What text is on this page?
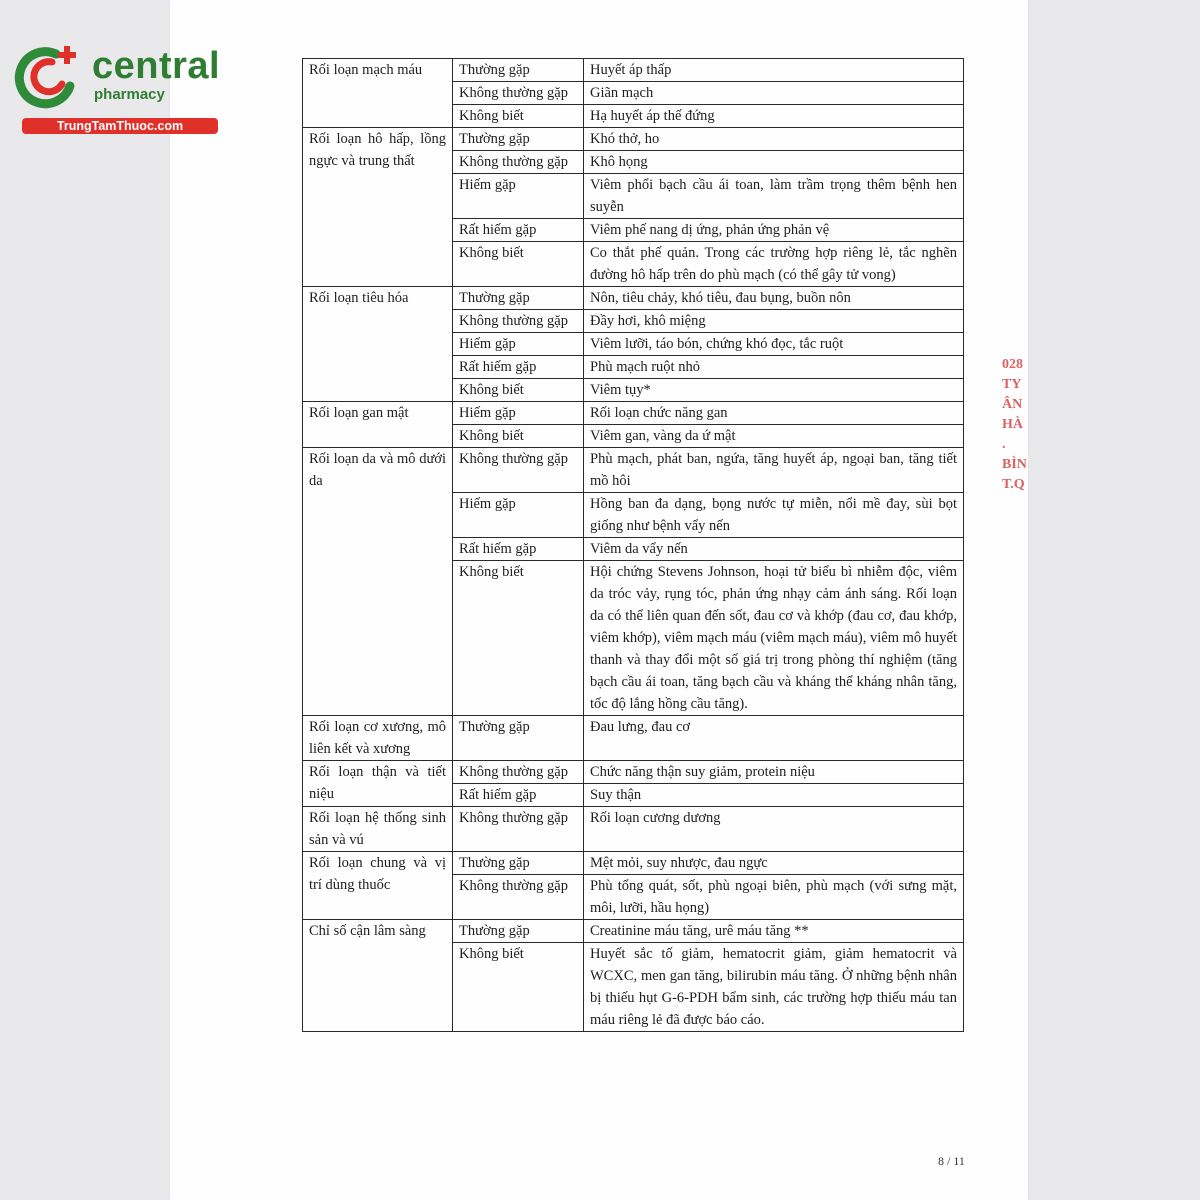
central
pharmacy
TrungTamThuoc.com
028
TY
ÂN
HÀ
. BÌN
T.Q
Rối loạn mạch máu	Thường gặp	Huyết áp thấp
	Không thường gặp	Giãn mạch
	Không biết	Hạ huyết áp thế đứng
Rối loạn hô hấp, lồng ngực và trung thất	Thường gặp	Khó thở, ho
	Không thường gặp	Khô họng
	Hiếm gặp	Viêm phổi bạch cầu ái toan, làm trầm trọng thêm bệnh hen suyễn
	Rất hiếm gặp	Viêm phế nang dị ứng, phản ứng phản vệ
	Không biết	Co thắt phế quản. Trong các trường hợp riêng lẻ, tắc nghẽn đường hô hấp trên do phù mạch (có thể gây tử vong)
Rối loạn tiêu hóa	Thường gặp	Nôn, tiêu chảy, khó tiêu, đau bụng, buồn nôn
	Không thường gặp	Đầy hơi, khô miệng
	Hiếm gặp	Viêm lưỡi, táo bón, chứng khó đọc, tắc ruột
	Rất hiếm gặp	Phù mạch ruột nhỏ
	Không biết	Viêm tụy*
Rối loạn gan mật	Hiếm gặp	Rối loạn chức năng gan
	Không biết	Viêm gan, vàng da ứ mật
Rối loạn da và mô dưới da	Không thường gặp	Phù mạch, phát ban, ngứa, tăng huyết áp, ngoại ban, tăng tiết mồ hôi
	Hiếm gặp	Hồng ban đa dạng, bọng nước tự miễn, nổi mề đay, sùi bọt giống như bệnh vẩy nến
	Rất hiếm gặp	Viêm da vẩy nến
	Không biết	Hội chứng Stevens Johnson, hoại tử biểu bì nhiễm độc, viêm da tróc vảy, rụng tóc, phản ứng nhạy cảm ánh sáng. Rối loạn da có thể liên quan đến sốt, đau cơ và khớp (đau cơ, đau khớp, viêm khớp), viêm mạch máu (viêm mạch máu), viêm mô huyết thanh và thay đổi một số giá trị trong phòng thí nghiệm (tăng bạch cầu ái toan, tăng bạch cầu và kháng thể kháng nhân tăng, tốc độ lắng hồng cầu tăng).
Rối loạn cơ xương, mô liên kết và xương	Thường gặp	Đau lưng, đau cơ
Rối loạn thận và tiết niệu	Không thường gặp	Chức năng thận suy giảm, protein niệu
	Rất hiếm gặp	Suy thận
Rối loạn hệ thống sinh sản và vú	Không thường gặp	Rối loạn cương dương
Rối loạn chung và vị trí dùng thuốc	Thường gặp	Mệt mỏi, suy nhược, đau ngực
	Không thường gặp	Phù tổng quát, sốt, phù ngoại biên, phù mạch (với sưng mặt, môi, lưỡi, hầu họng)
Chỉ số cận lâm sàng	Thường gặp	Creatinine máu tăng, urê máu tăng **
	Không biết	Huyết sắc tố giảm, hematocrit giảm, giảm hematocrit và WCXC, men gan tăng, bilirubin máu tăng. Ở những bệnh nhân bị thiếu hụt G-6-PDH bẩm sinh, các trường hợp thiếu máu tan máu riêng lẻ đã được báo cáo.
8 / 11
